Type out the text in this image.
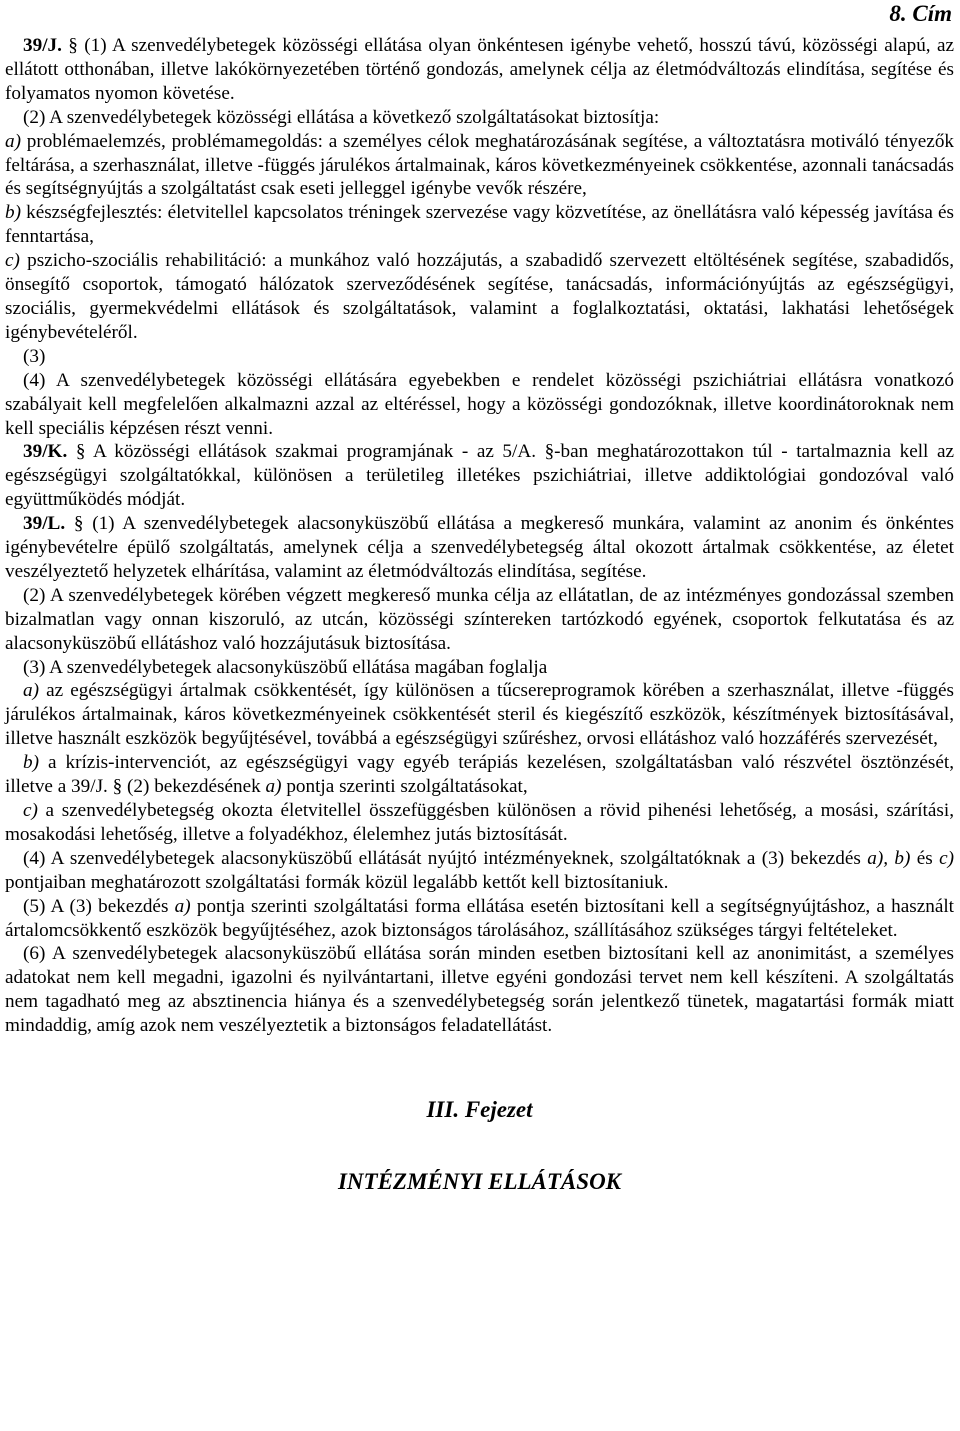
8. Cím

39/J. § (1) A szenvedélybetegek közösségi ellátása olyan önkéntesen igénybe vehető, hosszú távú, közösségi alapú, az ellátott otthonában, illetve lakókörnyezetében történő gondozás, amelynek célja az életmódváltozás elindítása, segítése és folyamatos nyomon követése.

(2) A szenvedélybetegek közösségi ellátása a következő szolgáltatásokat biztosítja:

a) problémaelemzés, problémamegoldás: a személyes célok meghatározásának segítése, a változtatásra motiváló tényezők feltárása, a szerhasználat, illetve -függés járulékos ártalmainak, káros következményeinek csökkentése, azonnali tanácsadás és segítségnyújtás a szolgáltatást csak eseti jelleggel igénybe vevők részére,

b) készségfejlesztés: életvitellel kapcsolatos tréningek szervezése vagy közvetítése, az önellátásra való képesség javítása és fenntartása,

c) pszicho-szociális rehabilitáció: a munkához való hozzájutás, a szabadidő szervezett eltöltésének segítése, szabadidős, önsegítő csoportok, támogató hálózatok szerveződésének segítése, tanácsadás, információnyújtás az egészségügyi, szociális, gyermekvédelmi ellátások és szolgáltatások, valamint a foglalkoztatási, oktatási, lakhatási lehetőségek igénybevételéről.

(3)

(4) A szenvedélybetegek közösségi ellátására egyebekben e rendelet közösségi pszichiátriai ellátásra vonatkozó szabályait kell megfelelően alkalmazni azzal az eltéréssel, hogy a közösségi gondozóknak, illetve koordinátoroknak nem kell speciális képzésen részt venni.

39/K. § A közösségi ellátások szakmai programjának - az 5/A. §-ban meghatározottakon túl - tartalmaznia kell az egészségügyi szolgáltatókkal, különösen a területileg illetékes pszichiátriai, illetve addiktológiai gondozóval való együttműködés módját.

39/L. § (1) A szenvedélybetegek alacsonyküszöbű ellátása a megkereső munkára, valamint az anonim és önkéntes igénybevételre épülő szolgáltatás, amelynek célja a szenvedélybetegség által okozott ártalmak csökkentése, az életet veszélyeztető helyzetek elhárítása, valamint az életmódváltozás elindítása, segítése.

(2) A szenvedélybetegek körében végzett megkereső munka célja az ellátatlan, de az intézményes gondozással szemben bizalmatlan vagy onnan kiszoruló, az utcán, közösségi színtereken tartózkodó egyének, csoportok felkutatása és az alacsonyküszöbű ellátáshoz való hozzájutásuk biztosítása.

(3) A szenvedélybetegek alacsonyküszöbű ellátása magában foglalja

a) az egészségügyi ártalmak csökkentését, így különösen a tűcsereprogramok körében a szerhasználat, illetve -függés járulékos ártalmainak, káros következményeinek csökkentését steril és kiegészítő eszközök, készítmények biztosításával, illetve használt eszközök begyűjtésével, továbbá a egészségügyi szűréshez, orvosi ellátáshoz való hozzáférés szervezését,

b) a krízis-intervenciót, az egészségügyi vagy egyéb terápiás kezelésen, szolgáltatásban való részvétel ösztönzését, illetve a 39/J. § (2) bekezdésének a) pontja szerinti szolgáltatásokat,

c) a szenvedélybetegség okozta életvitellel összefüggésben különösen a rövid pihenési lehetőség, a mosási, szárítási, mosakodási lehetőség, illetve a folyadékhoz, élelemhez jutás biztosítását.

(4) A szenvedélybetegek alacsonyküszöbű ellátását nyújtó intézményeknek, szolgáltatóknak a (3) bekezdés a), b) és c) pontjaiban meghatározott szolgáltatási formák közül legalább kettőt kell biztosítaniuk.

(5) A (3) bekezdés a) pontja szerinti szolgáltatási forma ellátása esetén biztosítani kell a segítségnyújtáshoz, a használt ártalomcsökkentő eszközök begyűjtéséhez, azok biztonságos tárolásához, szállításához szükséges tárgyi feltételeket.

(6) A szenvedélybetegek alacsonyküszöbű ellátása során minden esetben biztosítani kell az anonimitást, a személyes adatokat nem kell megadni, igazolni és nyilvántartani, illetve egyéni gondozási tervet nem kell készíteni. A szolgáltatás nem tagadható meg az absztinencia hiánya és a szenvedélybetegség során jelentkező tünetek, magatartási formák miatt mindaddig, amíg azok nem veszélyeztetik a biztonságos feladatellátást.

III. Fejezet
INTÉZMÉNYI ELLÁTÁSOK
